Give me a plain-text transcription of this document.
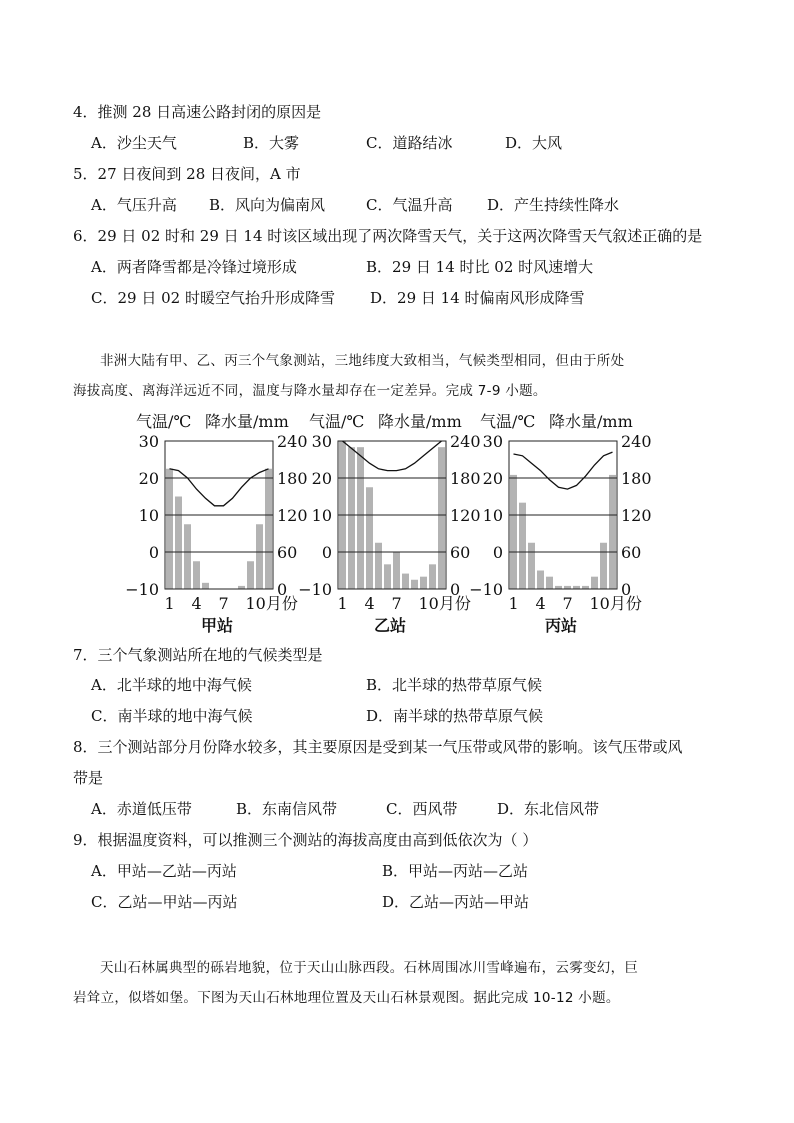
4．推测 28 日高速公路封闭的原因是
A．沙尘天气	B．大雾	C．道路结冰	D．大风
5．27 日夜间到 28 日夜间，A 市
A．气压升高 B．风向为偏南风	C．气温升高 D．产生持续性降水
6．29 日 02 时和 29 日 14 时该区域出现了两次降雪天气，关于这两次降雪天气叙述正确的是
A．两者降雪都是冷锋过境形成	B．29 日 14 时比 02 时风速增大
C．29 日 02 时暖空气抬升形成降雪 D．29 日 14 时偏南风形成降雪
非洲大陆有甲、乙、丙三个气象测站，三地纬度大致相当，气候类型相同，但由于所处
海拔高度、离海洋远近不同，温度与降水量却存在一定差异。完成 7-9 小题。
气温/℃ 降水量/mm
30
20
10
0
−10
240
180
120
60
0
1 4 7 10月份
甲站
气温/℃ 降水量/mm
30
20
10
0
−10
240
180
120
60
0
1 4 7 10月份
乙站
气温/℃ 降水量/mm
30
20
10
0
−10
240
180
120
60
0
1 4 7 10月份
丙站
7．三个气象测站所在地的气候类型是
A．北半球的地中海气候	B．北半球的热带草原气候
C．南半球的地中海气候	D．南半球的热带草原气候
8．三个测站部分月份降水较多，其主要原因是受到某一气压带或风带的影响。该气压带或风
带是
A．赤道低压带	B．东南信风带	C．西风带	D．东北信风带
9．根据温度资料，可以推测三个测站的海拔高度由高到低依次为（ ）
A．甲站—乙站—丙站	B．甲站—丙站—乙站
C．乙站—甲站—丙站	D．乙站—丙站—甲站
天山石林属典型的砾岩地貌，位于天山山脉西段。石林周围冰川雪峰遍布，云雾变幻，巨
岩耸立，似塔如堡。下图为天山石林地理位置及天山石林景观图。据此完成 10-12 小题。
